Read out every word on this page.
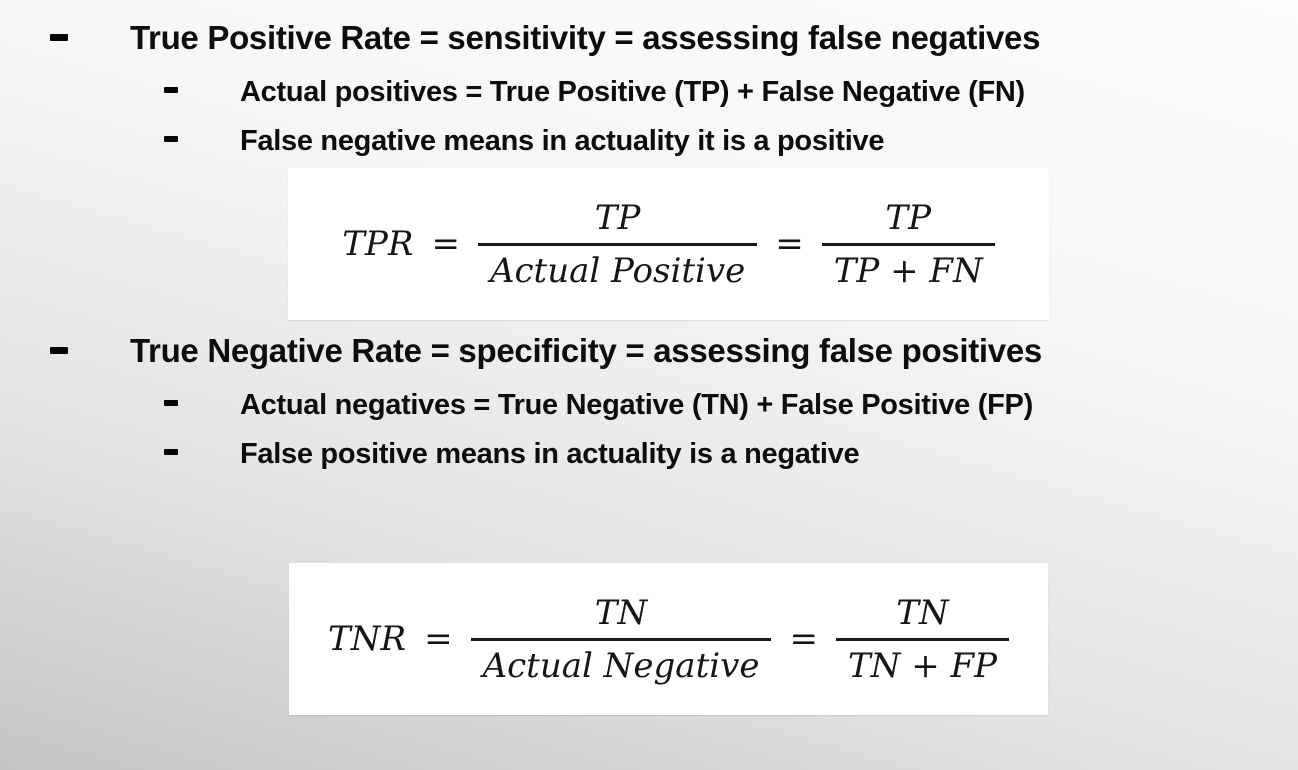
True Positive Rate = sensitivity = assessing false negatives
Actual positives = True Positive (TP) + False Negative (FN)
False negative means in actuality it is a positive
TPR = $\frac{TP}{\text{Actual Positive}} = \frac{TP}{TP + FN}$
True Negative Rate = specificity = assessing false positives
Actual negatives = True Negative (TN) + False Positive (FP)
False positive means in actuality is a negative
TNR = $\frac{TN}{\text{Actual Negative}} = \frac{TN}{TN + FP}$
